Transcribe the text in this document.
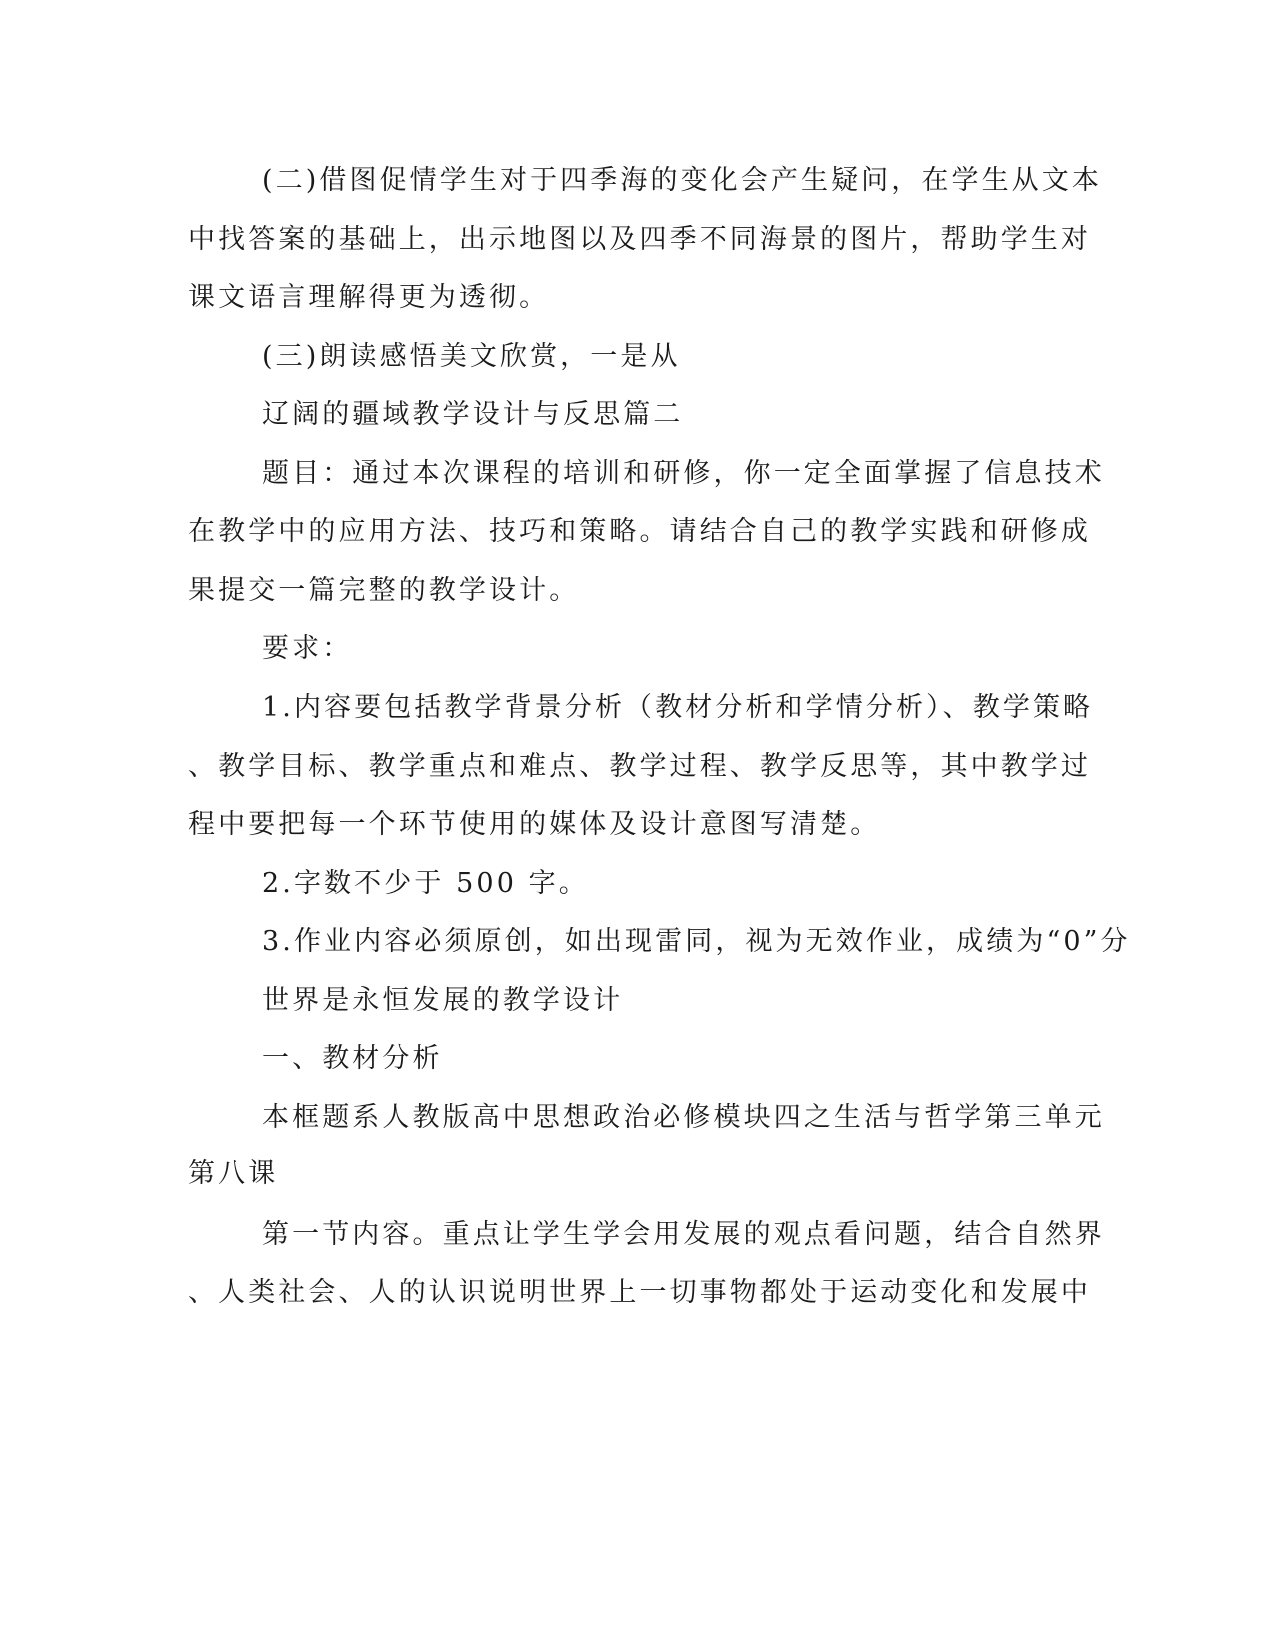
(二)借图促情学生对于四季海的变化会产生疑问，在学生从文本

中找答案的基础上，出示地图以及四季不同海景的图片，帮助学生对

课文语言理解得更为透彻。

(三)朗读感悟美文欣赏，一是从

辽阔的疆域教学设计与反思篇二

题目：通过本次课程的培训和研修，你一定全面掌握了信息技术

在教学中的应用方法、技巧和策略。请结合自己的教学实践和研修成

果提交一篇完整的教学设计。

要求：

1.内容要包括教学背景分析（教材分析和学情分析）、教学策略

、教学目标、教学重点和难点、教学过程、教学反思等，其中教学过

程中要把每一个环节使用的媒体及设计意图写清楚。

2.字数不少于 500 字。

3.作业内容必须原创，如出现雷同，视为无效作业，成绩为“0”分

世界是永恒发展的教学设计

一、教材分析

本框题系人教版高中思想政治必修模块四之生活与哲学第三单元

第八课

第一节内容。重点让学生学会用发展的观点看问题，结合自然界

、人类社会、人的认识说明世界上一切事物都处于运动变化和发展中
